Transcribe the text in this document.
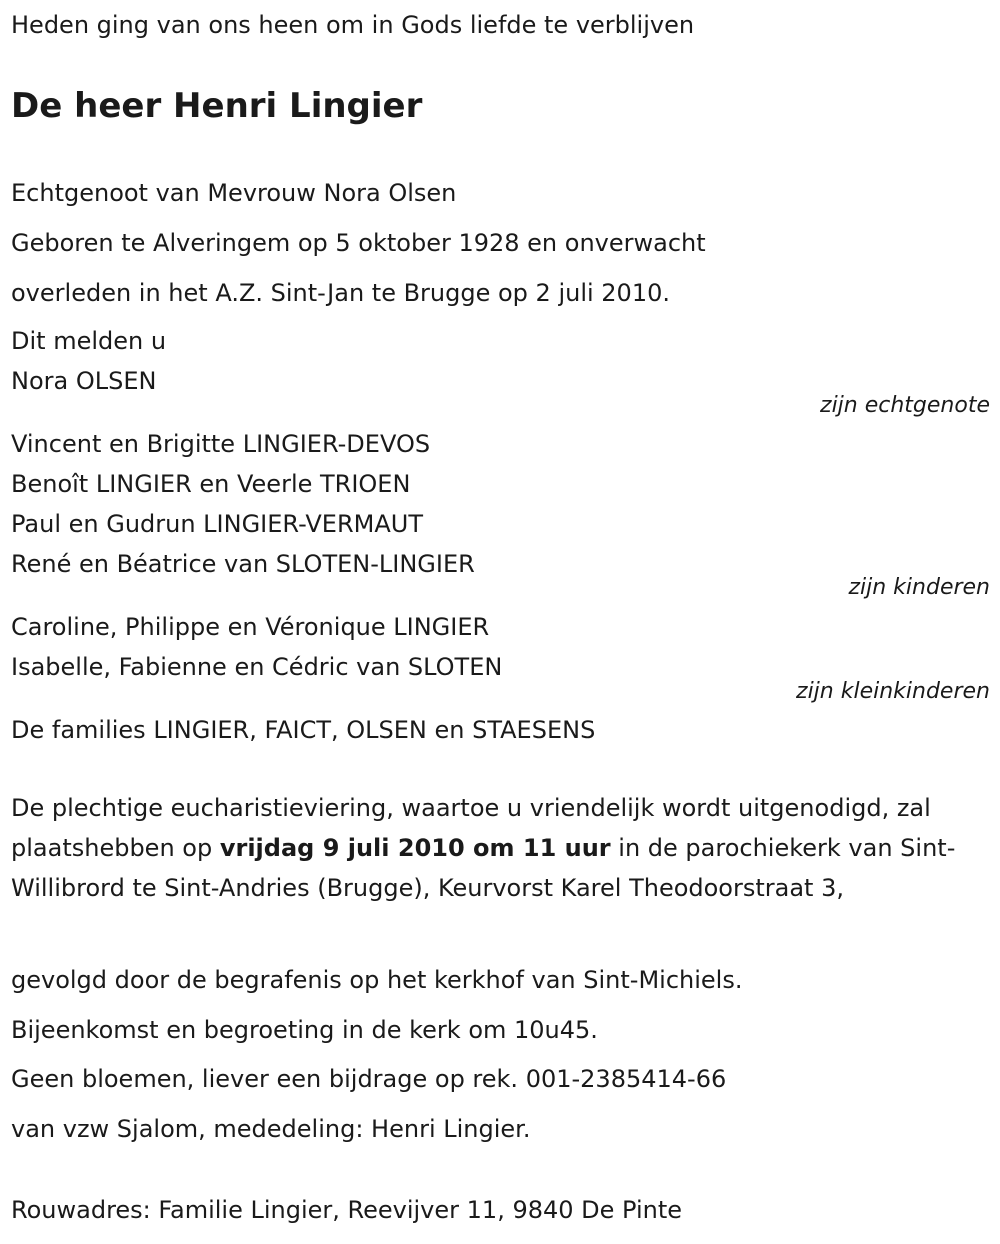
Heden ging van ons heen om in Gods liefde te verblijven
De heer Henri Lingier
Echtgenoot van Mevrouw Nora Olsen
Geboren te Alveringem op 5 oktober 1928 en onverwacht
overleden in het A.Z. Sint-Jan te Brugge op 2 juli 2010.
Dit melden u
Nora OLSEN
zijn echtgenote
Vincent en Brigitte LINGIER-DEVOS
Benoît LINGIER en Veerle TRIOEN
Paul en Gudrun LINGIER-VERMAUT
René en Béatrice van SLOTEN-LINGIER
zijn kinderen
Caroline, Philippe en Véronique LINGIER
Isabelle, Fabienne en Cédric van SLOTEN
zijn kleinkinderen
De families LINGIER, FAICT, OLSEN en STAESENS
De plechtige eucharistieviering, waartoe u vriendelijk wordt uitgenodigd, zal plaatshebben op vrijdag 9 juli 2010 om 11 uur in de parochiekerk van Sint-Willibrord te Sint-Andries (Brugge), Keurvorst Karel Theodoorstraat 3,
gevolgd door de begrafenis op het kerkhof van Sint-Michiels.
Bijeenkomst en begroeting in de kerk om 10u45.
Geen bloemen, liever een bijdrage op rek. 001-2385414-66
van vzw Sjalom, mededeling: Henri Lingier.
Rouwadres: Familie Lingier, Reevijver 11, 9840 De Pinte
